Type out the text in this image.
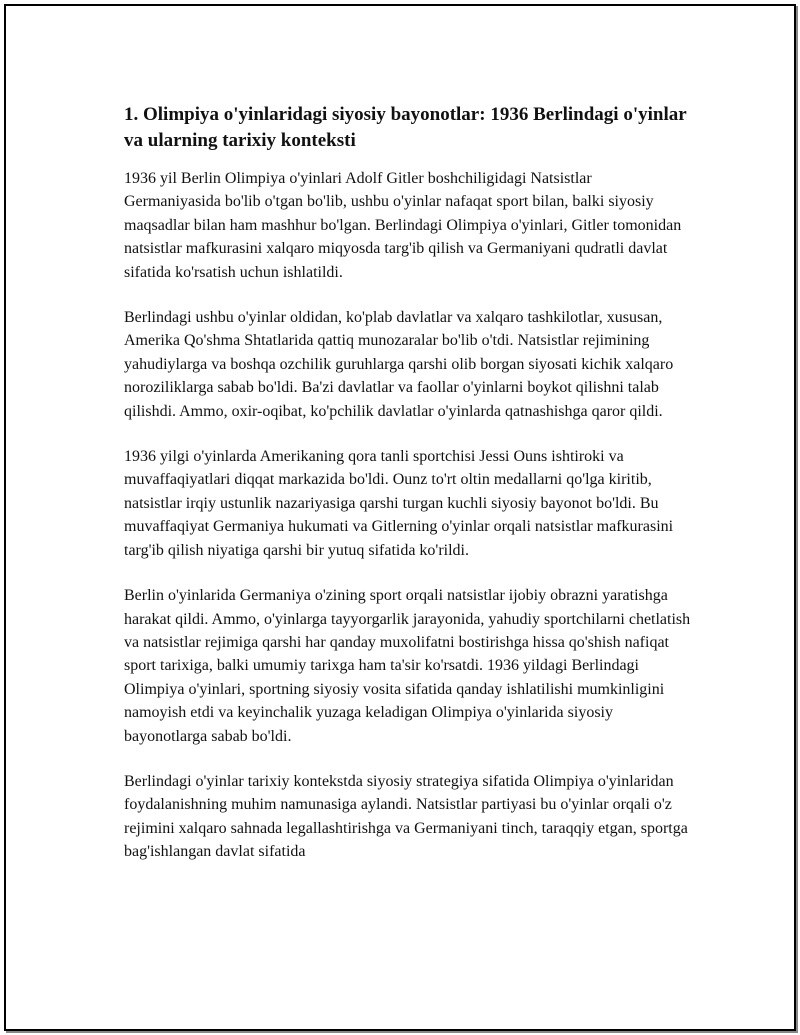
1. Olimpiya o'yinlaridagi siyosiy bayonotlar: 1936 Berlindagi o'yinlar va ularning tarixiy konteksti

1936 yil Berlin Olimpiya o'yinlari Adolf Gitler boshchiligidagi Natsistlar Germaniyasida bo'lib o'tgan bo'lib, ushbu o'yinlar nafaqat sport bilan, balki siyosiy maqsadlar bilan ham mashhur bo'lgan. Berlindagi Olimpiya o'yinlari, Gitler tomonidan natsistlar mafkurasini xalqaro miqyosda targ'ib qilish va Germaniyani qudratli davlat sifatida ko'rsatish uchun ishlatildi.

Berlindagi ushbu o'yinlar oldidan, ko'plab davlatlar va xalqaro tashkilotlar, xususan, Amerika Qo'shma Shtatlarida qattiq munozaralar bo'lib o'tdi. Natsistlar rejimining yahudiylarga va boshqa ozchilik guruhlarga qarshi olib borgan siyosati kichik xalqaro noroziliklarga sabab bo'ldi. Ba'zi davlatlar va faollar o'yinlarni boykot qilishni talab qilishdi. Ammo, oxir-oqibat, ko'pchilik davlatlar o'yinlarda qatnashishga qaror qildi.

1936 yilgi o'yinlarda Amerikaning qora tanli sportchisi Jessi Ouns ishtiroki va muvaffaqiyatlari diqqat markazida bo'ldi. Ounz to'rt oltin medallarni qo'lga kiritib, natsistlar irqiy ustunlik nazariyasiga qarshi turgan kuchli siyosiy bayonot bo'ldi. Bu muvaffaqiyat Germaniya hukumati va Gitlerning o'yinlar orqali natsistlar mafkurasini targ'ib qilish niyatiga qarshi bir yutuq sifatida ko'rildi.

Berlin o'yinlarida Germaniya o'zining sport orqali natsistlar ijobiy obrazni yaratishga harakat qildi. Ammo, o'yinlarga tayyorgarlik jarayonida, yahudiy sportchilarni chetlatish va natsistlar rejimiga qarshi har qanday muxolifatni bostirishga hissa qo'shish nafiqat sport tarixiga, balki umumiy tarixga ham ta'sir ko'rsatdi. 1936 yildagi Berlindagi Olimpiya o'yinlari, sportning siyosiy vosita sifatida qanday ishlatilishi mumkinligini namoyish etdi va keyinchalik yuzaga keladigan Olimpiya o'yinlarida siyosiy bayonotlarga sabab bo'ldi.

Berlindagi o'yinlar tarixiy kontekstda siyosiy strategiya sifatida Olimpiya o'yinlaridan foydalanishning muhim namunasiga aylandi. Natsistlar partiyasi bu o'yinlar orqali o'z rejimini xalqaro sahnada legallashtirishga va Germaniyani tinch, taraqqiy etgan, sportga bag'ishlangan davlat sifatida
